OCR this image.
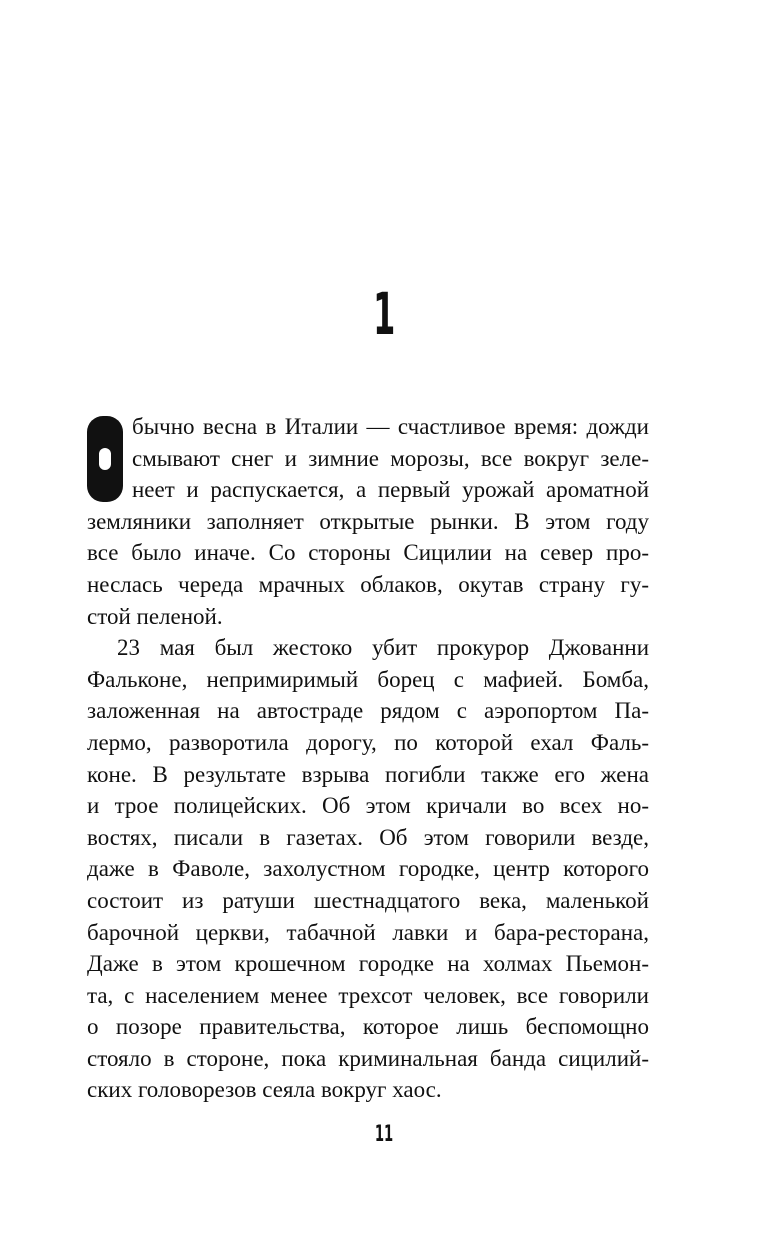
1
бычно весна в Италии — счастливое время: дожди
смывают снег и зимние морозы, все вокруг зеле-
неет и распускается, а первый урожай ароматной
земляники заполняет открытые рынки. В этом году
все было иначе. Со стороны Сицилии на север про-
неслась череда мрачных облаков, окутав страну гу-
стой пеленой.
23 мая был жестоко убит прокурор Джованни
Фальконе, непримиримый борец с мафией. Бомба,
заложенная на автостраде рядом с аэропортом Па-
лермо, разворотила дорогу, по которой ехал Фаль-
коне. В результате взрыва погибли также его жена
и трое полицейских. Об этом кричали во всех но-
востях, писали в газетах. Об этом говорили везде,
даже в Фаволе, захолустном городке, центр которого
состоит из ратуши шестнадцатого века, маленькой
барочной церкви, табачной лавки и бара-ресторана,
Даже в этом крошечном городке на холмах Пьемон-
та, с населением менее трехсот человек, все говорили
о позоре правительства, которое лишь беспомощно
стояло в стороне, пока криминальная банда сицилий-
ских головорезов сеяла вокруг хаос.
11
